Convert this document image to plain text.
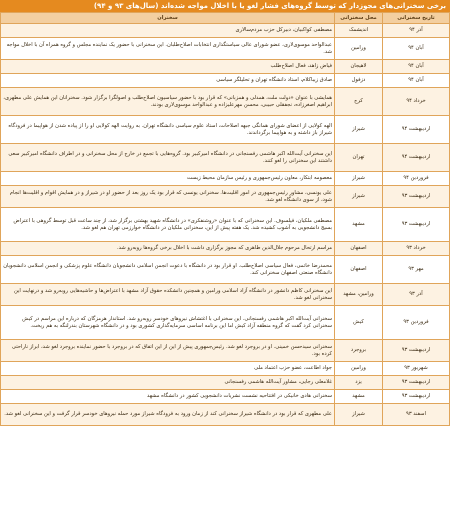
برخی سخنرانی‌های مجوزدار که توسط گروه‌های فشار لغو یا با اخلال مواجه شده‌اند (سال‌های ۹۳ و ۹۴)
تاریخ سخنرانی	محل سخنرانی	سخنران
آذر ۹۴	اندیشمک	مصطفی کواکبیان، دبیرکل حزب مردم‌سالاری
آبان ۹۴	ورامین	عبدالواحد موسوی‌لاری، عضو شورای عالی سیاستگذاری انتخابات اصلاح‌طلبان. این سخنرانی با حضور یک نماینده مجلس و گروه همراه آن با اخلال مواجه شد.
آبان ۹۴	لاهیجان	فیاض زاهد، فعال اصلاح‌طلب
آبان ۹۴	دزفول	صادق زیباکلام، استاد دانشگاه تهران و تحلیلگر سیاسی
خرداد ۹۴	کرج	همایشی با عنوان «دولت ملت، همدلی و همزبانی» که قرار بود با حضور سیاسیون اصلاح‌طلب و اصولگرا برگزار شود. سخنرانان این همایش علی مطهری، ابراهیم اصغرزاده، نجفقلی حبیبی، محسن مهرعلیزاده و عبدالواحد موسوی‌لاری بودند.
اردیبهشت ۹۴	شیراز	الهه کولایی از اعضای شورای همانگی جبهه اصلاحات، استاد علوم سیاسی دانشگاه تهران. به روایت الهه کولایی او را از پیاده شدن از هواپیما در فرودگاه شیراز باز داشته و به هواپیما برگرداندند.
اردیبهشت ۹۴	تهران	این سخنرانی آیت‌الله اکبر هاشمی رفسنجانی در دانشگاه امیرکبیر بود. گروه‌هایی با تجمع در خارج از محل سخنرانی و در اطراف دانشگاه امیرکبیر سعی داشتند این سخنرانی را لغو کنند.
فروردین ۹۴	شیراز	معصومه ابتکار، معاون رئیس‌جمهوری و رئیس سازمان محیط زیست
اردیبهشت ۹۳	شیراز	علی یونسی، مشاور رئیس‌جمهوری در امور اقلیت‌ها. سخنرانی یونسی که قرار بود یک روز بعد از حضور او در شیراز و در همایش اقوام و اقلیت‌ها انجام شود، از سوی دانشگاه لغو شد.
اردیبهشت ۹۳	مشهد	مصطفی ملکیان، فیلسوف. این سخنرانی که با عنوان «روشنفکری» در دانشگاه شهید بهشتی برگزار شد، از چند ساعت قبل توسط گروهی با اعتراض بسیج دانشجویی به آشوب کشیده شد. یک هفته پیش از این، سخنرانی ملکیان در دانشگاه خوارزمی تهران هم لغو شد.
خرداد ۹۳	اصفهان	مراسم ارتحال مرحوم جلال‌الدین طاهری که مجوز برگزاری داشت با اخلال برخی گروه‌ها روبه‌رو شد.
مهر ۹۳	اصفهان	محمدرضا خاتمی، فعال سیاسی اصلاح‌طلب. او قرار بود در دانشگاه با دعوت انجمن اسلامی دانشجویان دانشگاه علوم پزشکی و انجمن اسلامی دانشجویان دانشگاه صنعتی اصفهان سخنرانی کند.
آذر ۹۳	ورامین، مشهد	این سخنرانی کاظم دانشور در دانشگاه آزاد اسلامی ورامین و همچنین دانشکده حقوق آزاد مشهد با اعتراض‌ها و حاشیه‌هایی روبه‌رو شد و درنهایت این سخنرانی لغو شد.
فروردین ۹۳	کیش	سخنرانی آیت‌الله اکبر هاشمی رفسنجانی. این سخنرانی با اغتشاش نیروهای خودسر روبه‌رو شد. استاندار هرمزگان که درباره این مراسم در کیش سخنرانی کرد گفت که گروه منطقه آزاد کیش اما این برنامه اساسی سرمایه‌گذاری کشوری بود و در دانشگاه شهرستان بندرلنگه به هم ریخت.
اردیبهشت ۹۳	بروجرد	سخنرانی سیدحسن خمینی. او در بروجرد لغو شد. رئیس‌جمهوری پیش از این از این اتفاق که در بروجرد با حضور نماینده بروجرد لغو شد، ابراز ناراحتی کرده بود.
شهریور ۹۳	ورامین	جواد اطاعت، عضو حزب اعتماد ملی
اردیبهشت ۹۳	یزد	غلامعلی رجایی، مشاور آیت‌الله هاشمی رفسنجانی
اردیبهشت ۹۳	مشهد	سخنرانی هادی خانیکی در افتتاحیه نشست نشریات دانشجویی کشور در دانشگاه مشهد
اسفند ۹۳	شیراز	علی مطهری که قرار بود در دانشگاه شیراز سخنرانی کند از زمان ورود به فرودگاه شیراز مورد حمله نیروهای خودسر قرار گرفت و این سخنرانی لغو شد.
